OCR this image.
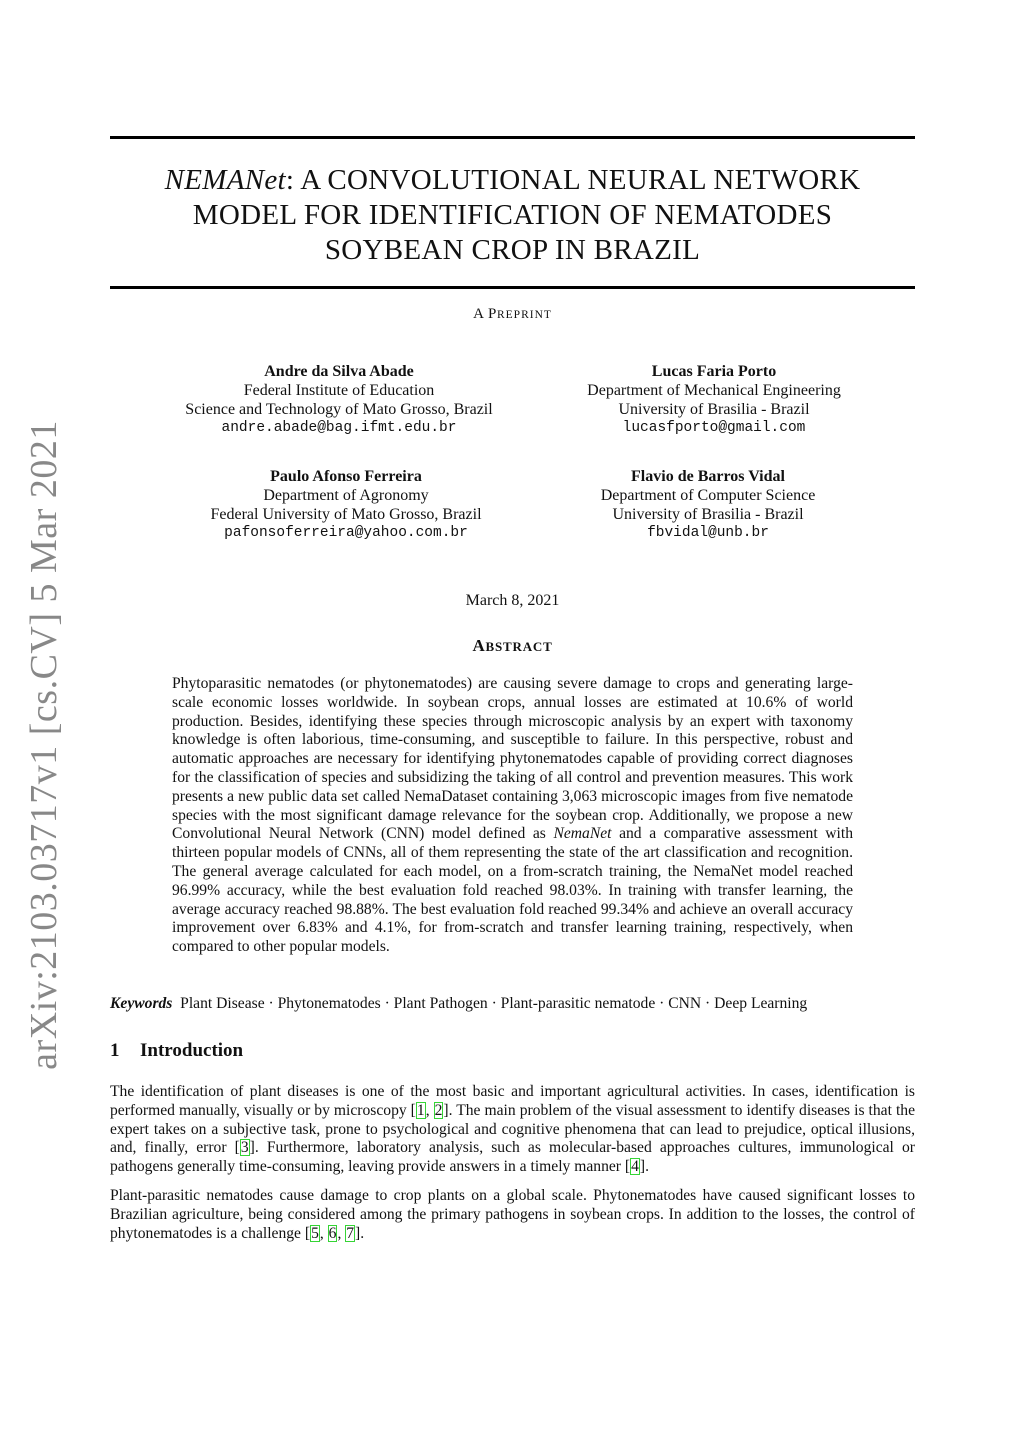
arXiv:2103.03717v1 [cs.CV] 5 Mar 2021
NEMANet: A CONVOLUTIONAL NEURAL NETWORK
MODEL FOR IDENTIFICATION OF NEMATODES
SOYBEAN CROP IN BRAZIL
A PREPRINT
Andre da Silva Abade
Federal Institute of Education
Science and Technology of Mato Grosso, Brazil
andre.abade@bag.ifmt.edu.br
Lucas Faria Porto
Department of Mechanical Engineering
University of Brasilia - Brazil
lucasfporto@gmail.com
Paulo Afonso Ferreira
Department of Agronomy
Federal University of Mato Grosso, Brazil
pafonsoferreira@yahoo.com.br
Flavio de Barros Vidal
Department of Computer Science
University of Brasilia - Brazil
fbvidal@unb.br
March 8, 2021
ABSTRACT

Phytoparasitic nematodes (or phytonematodes) are causing severe damage to crops and generating large-scale economic losses worldwide. In soybean crops, annual losses are estimated at 10.6% of world production. Besides, identifying these species through microscopic analysis by an expert with taxonomy knowledge is often laborious, time-consuming, and susceptible to failure. In this perspective, robust and automatic approaches are necessary for identifying phytonematodes capable of providing correct diagnoses for the classification of species and subsidizing the taking of all control and prevention measures. This work presents a new public data set called NemaDataset containing 3,063 microscopic images from five nematode species with the most significant damage relevance for the soybean crop. Additionally, we propose a new Convolutional Neural Network (CNN) model defined as NemaNet and a comparative assessment with thirteen popular models of CNNs, all of them representing the state of the art classification and recognition. The general average calculated for each model, on a from-scratch training, the NemaNet model reached 96.99% accuracy, while the best evaluation fold reached 98.03%. In training with transfer learning, the average accuracy reached 98.88%. The best evaluation fold reached 99.34% and achieve an overall accuracy improvement over 6.83% and 4.1%, for from-scratch and transfer learning training, respectively, when compared to other popular models.

Keywords Plant Disease · Phytonematodes · Plant Pathogen · Plant-parasitic nematode · CNN · Deep Learning
1 Introduction

The identification of plant diseases is one of the most basic and important agricultural activities. In cases, identification is performed manually, visually or by microscopy [1, 2]. The main problem of the visual assessment to identify diseases is that the expert takes on a subjective task, prone to psychological and cognitive phenomena that can lead to prejudice, optical illusions, and, finally, error [3]. Furthermore, laboratory analysis, such as molecular-based approaches cultures, immunological or pathogens generally time-consuming, leaving provide answers in a timely manner [4].

Plant-parasitic nematodes cause damage to crop plants on a global scale. Phytonematodes have caused significant losses to Brazilian agriculture, being considered among the primary pathogens in soybean crops. In addition to the losses, the control of phytonematodes is a challenge [5, 6, 7].
